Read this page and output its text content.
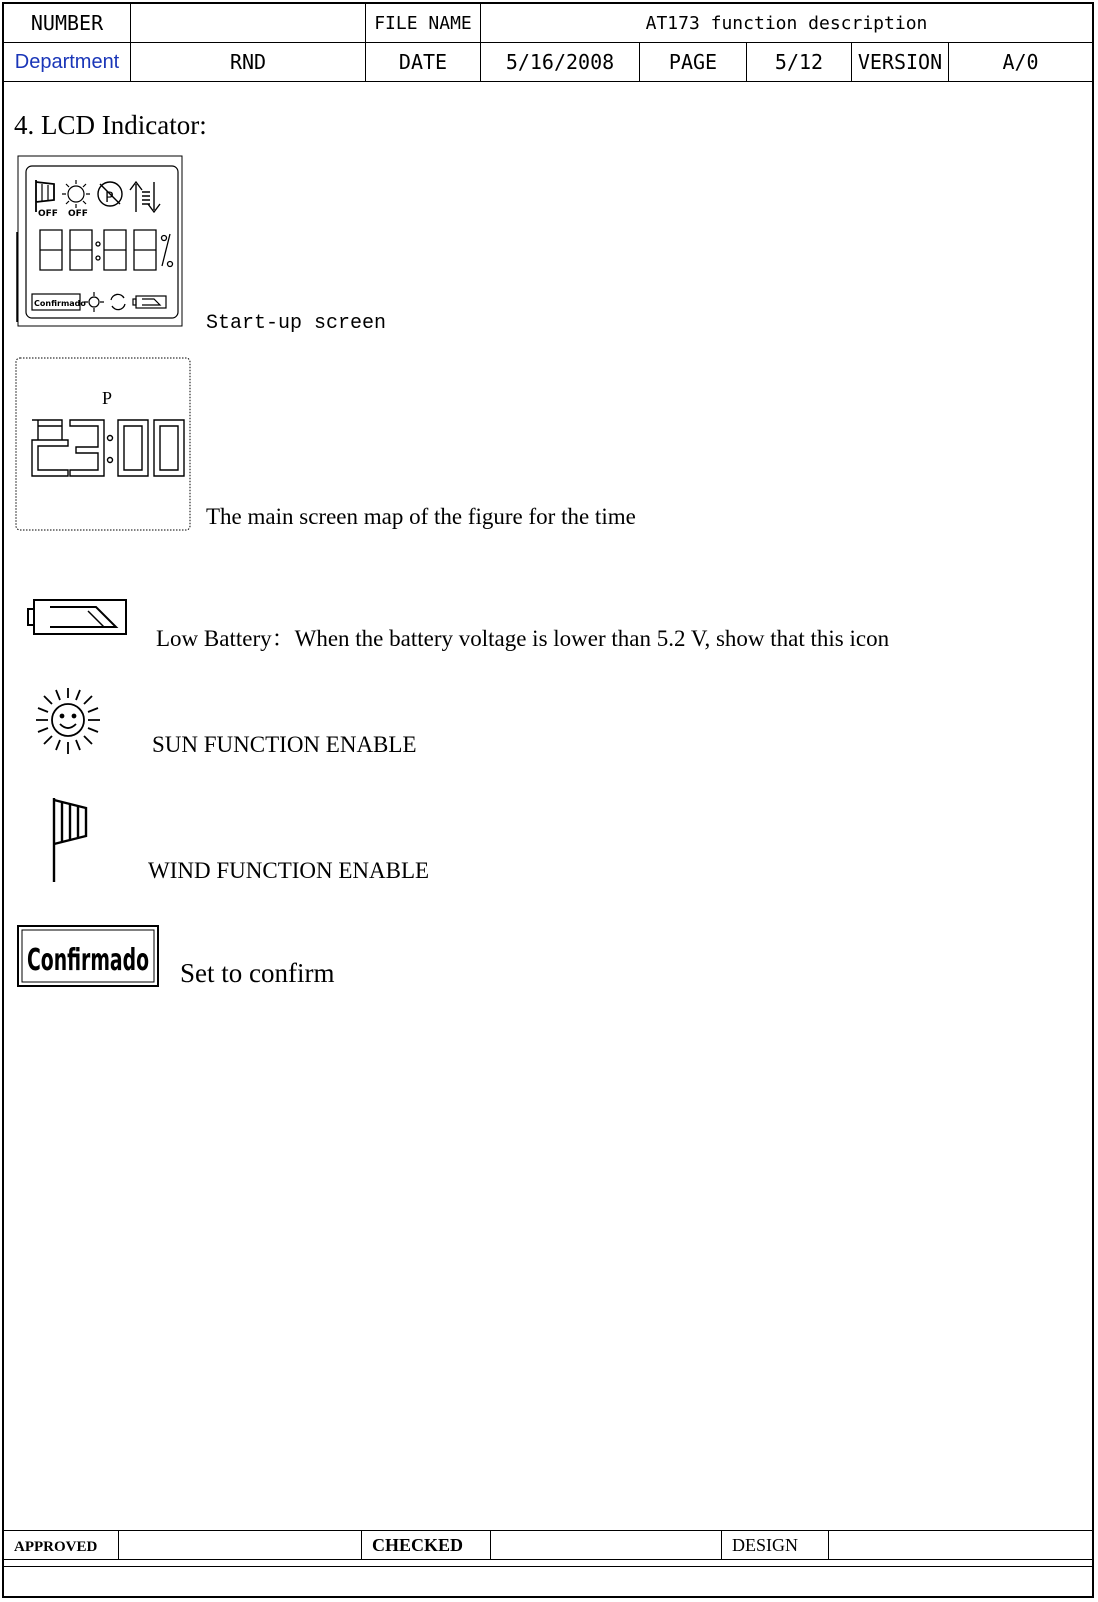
NUMBER		FILE NAME	AT173 function description				
Department	RND	DATE	5/16/2008	PAGE	5/12	VERSION	A/0
4. LCD Indicator:
OFF OFF
P
Confirmado
Start-up screen
P
The main screen map of the figure for the time
Low Battery：When the battery voltage is lower than 5.2 V, show that this icon
SUN FUNCTION ENABLE
WIND FUNCTION ENABLE
Confirmado Set to confirm
APPROVED		CHECKED		DESIGN	
